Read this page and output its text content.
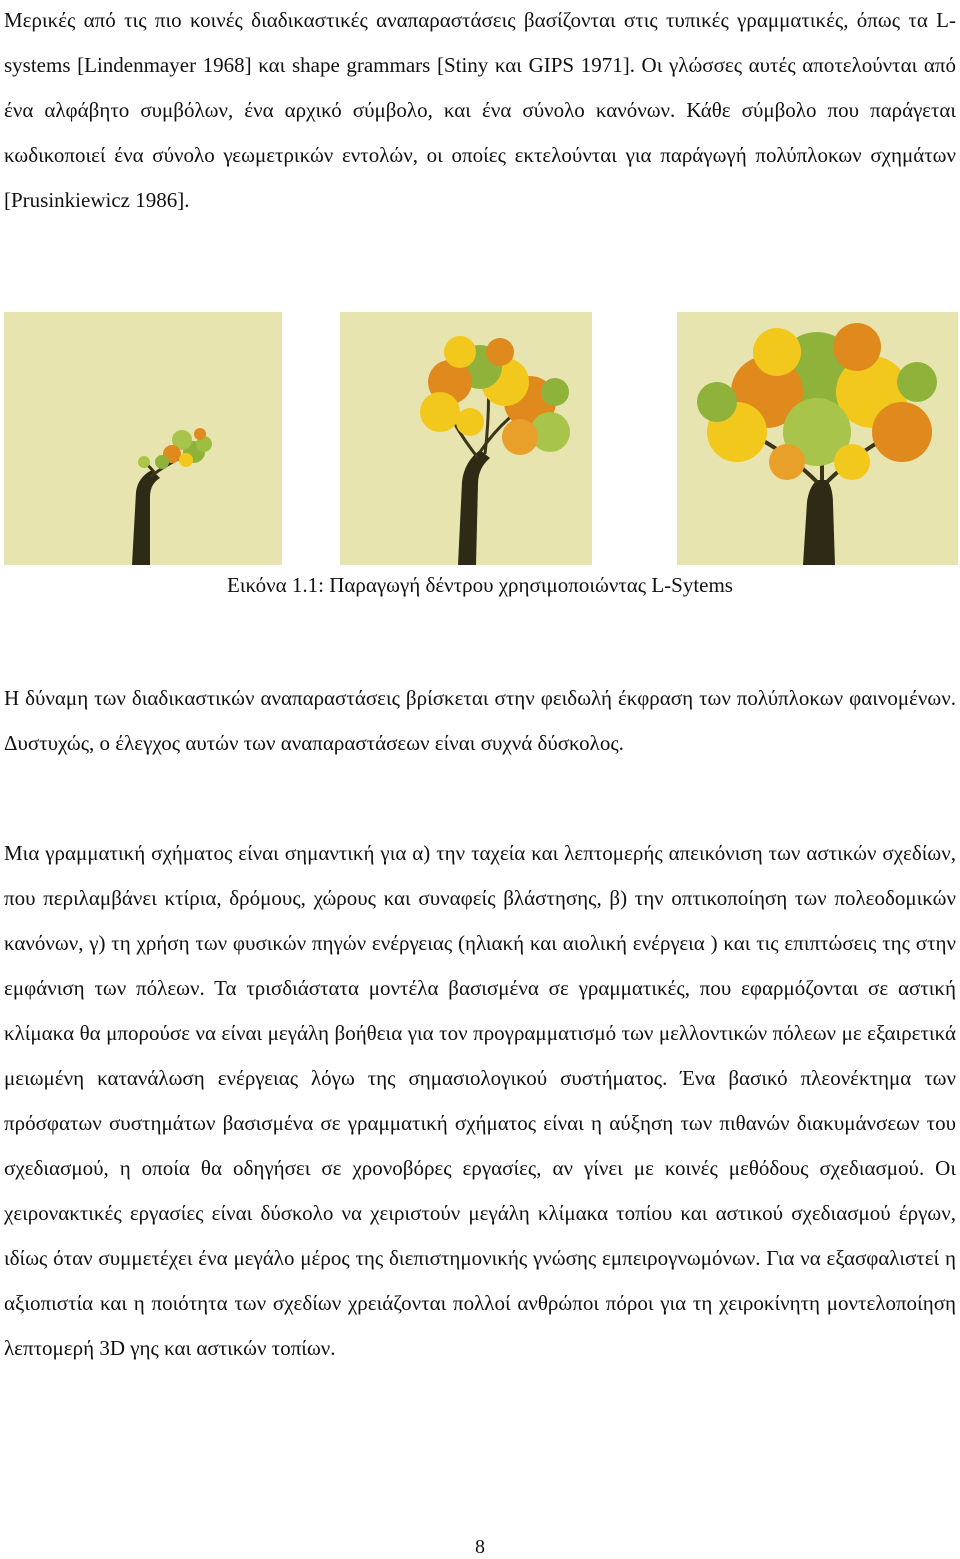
Μερικές από τις πιο κοινές διαδικαστικές αναπαραστάσεις βασίζονται στις τυπικές γραμματικές, όπως τα L-systems [Lindenmayer 1968] και shape grammars [Stiny και GIPS 1971]. Οι γλώσσες αυτές αποτελούνται από ένα αλφάβητο συμβόλων, ένα αρχικό σύμβολο, και ένα σύνολο κανόνων. Κάθε σύμβολο που παράγεται κωδικοποιεί ένα σύνολο γεωμετρικών εντολών, οι οποίες εκτελούνται για παράγωγή πολύπλοκων σχημάτων [Prusinkiewicz 1986].

Εικόνα 1.1: Παραγωγή δέντρου χρησιμοποιώντας L-Sytems

Η δύναμη των διαδικαστικών αναπαραστάσεις βρίσκεται στην φειδωλή έκφραση των πολύπλοκων φαινομένων. Δυστυχώς, ο έλεγχος αυτών των αναπαραστάσεων είναι συχνά δύσκολος.

Μια γραμματική σχήματος είναι σημαντική για α) την ταχεία και λεπτομερής απεικόνιση των αστικών σχεδίων, που περιλαμβάνει κτίρια, δρόμους, χώρους και συναφείς βλάστησης, β) την οπτικοποίηση των πολεοδομικών κανόνων, γ) τη χρήση των φυσικών πηγών ενέργειας (ηλιακή και αιολική ενέργεια ) και τις επιπτώσεις της στην εμφάνιση των πόλεων. Τα τρισδιάστατα μοντέλα βασισμένα σε γραμματικές, που εφαρμόζονται σε αστική κλίμακα θα μπορούσε να είναι μεγάλη βοήθεια για τον προγραμματισμό των μελλοντικών πόλεων με εξαιρετικά μειωμένη κατανάλωση ενέργειας λόγω της σημασιολογικού συστήματος. Ένα βασικό πλεονέκτημα των πρόσφατων συστημάτων βασισμένα σε γραμματική σχήματος είναι η αύξηση των πιθανών διακυμάνσεων του σχεδιασμού, η οποία θα οδηγήσει σε χρονοβόρες εργασίες, αν γίνει με κοινές μεθόδους σχεδιασμού. Οι χειρονακτικές εργασίες είναι δύσκολο να χειριστούν μεγάλη κλίμακα τοπίου και αστικού σχεδιασμού έργων, ιδίως όταν συμμετέχει ένα μεγάλο μέρος της διεπιστημονικής γνώσης εμπειρογνωμόνων. Για να εξασφαλιστεί η αξιοπιστία και η ποιότητα των σχεδίων χρειάζονται πολλοί ανθρώποι πόροι για τη χειροκίνητη μοντελοποίηση λεπτομερή 3D γης και αστικών τοπίων.

8
